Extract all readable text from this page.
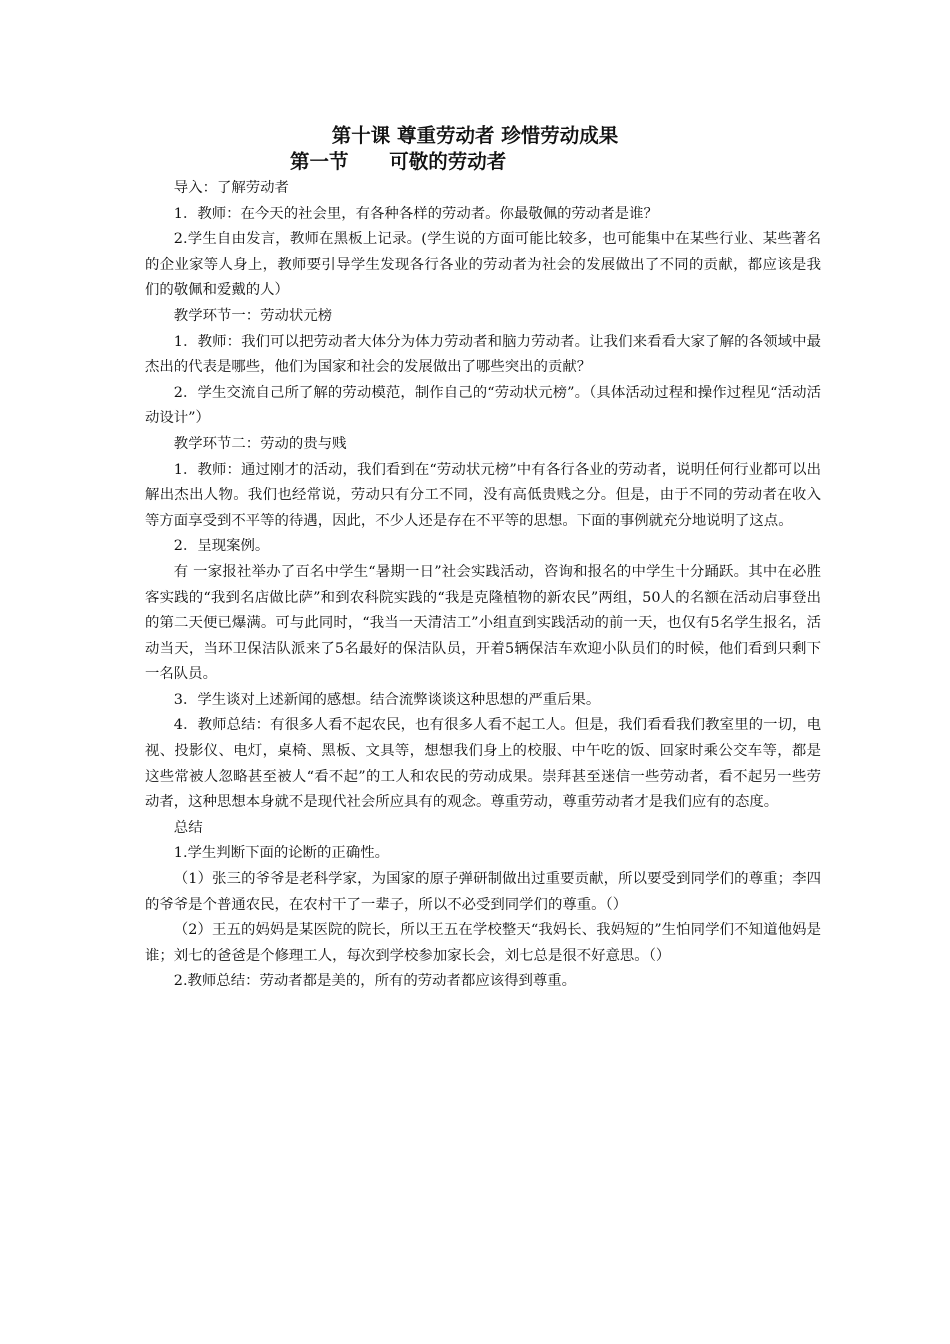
第十课 尊重劳动者 珍惜劳动成果
第一节      可敬的劳动者

导入：了解劳动者

1．教师：在今天的社会里，有各种各样的劳动者。你最敬佩的劳动者是谁？

2.学生自由发言，教师在黑板上记录。(学生说的方面可能比较多，也可能集中在某些行业、某些著名的企业家等人身上，教师要引导学生发现各行各业的劳动者为社会的发展做出了不同的贡献，都应该是我们的敬佩和爱戴的人）

教学环节一：劳动状元榜

1．教师：我们可以把劳动者大体分为体力劳动者和脑力劳动者。让我们来看看大家了解的各领域中最杰出的代表是哪些，他们为国家和社会的发展做出了哪些突出的贡献？

2．学生交流自己所了解的劳动模范，制作自己的“劳动状元榜”。（具体活动过程和操作过程见“活动活动设计”）

教学环节二：劳动的贵与贱

1．教师：通过刚才的活动，我们看到在“劳动状元榜”中有各行各业的劳动者，说明任何行业都可以出解出杰出人物。我们也经常说，劳动只有分工不同，没有高低贵贱之分。但是，由于不同的劳动者在收入等方面享受到不平等的待遇，因此，不少人还是存在不平等的思想。下面的事例就充分地说明了这点。

2．呈现案例。

有 一家报社举办了百名中学生“暑期一日”社会实践活动，咨询和报名的中学生十分踊跃。其中在必胜客实践的“我到名店做比萨”和到农科院实践的“我是克隆植物的新农民”两组，50人的名额在活动启事登出的第二天便已爆满。可与此同时，“我当一天清洁工”小组直到实践活动的前一天，也仅有5名学生报名，活动当天，当环卫保洁队派来了5名最好的保洁队员，开着5辆保洁车欢迎小队员们的时候，他们看到只剩下一名队员。

3．学生谈对上述新闻的感想。结合流弊谈谈这种思想的严重后果。

4．教师总结：有很多人看不起农民，也有很多人看不起工人。但是，我们看看我们教室里的一切，电视、投影仪、电灯，桌椅、黑板、文具等，想想我们身上的校服、中午吃的饭、回家时乘公交车等，都是这些常被人忽略甚至被人“看不起”的工人和农民的劳动成果。崇拜甚至迷信一些劳动者，看不起另一些劳动者，这种思想本身就不是现代社会所应具有的观念。尊重劳动，尊重劳动者才是我们应有的态度。

总结

1.学生判断下面的论断的正确性。

（1）张三的爷爷是老科学家，为国家的原子弹研制做出过重要贡献，所以要受到同学们的尊重；李四的爷爷是个普通农民，在农村干了一辈子，所以不必受到同学们的尊重。（）

（2）王五的妈妈是某医院的院长，所以王五在学校整天“我妈长、我妈短的”生怕同学们不知道他妈是谁；刘七的爸爸是个修理工人，每次到学校参加家长会，刘七总是很不好意思。（）

2.教师总结：劳动者都是美的，所有的劳动者都应该得到尊重。
